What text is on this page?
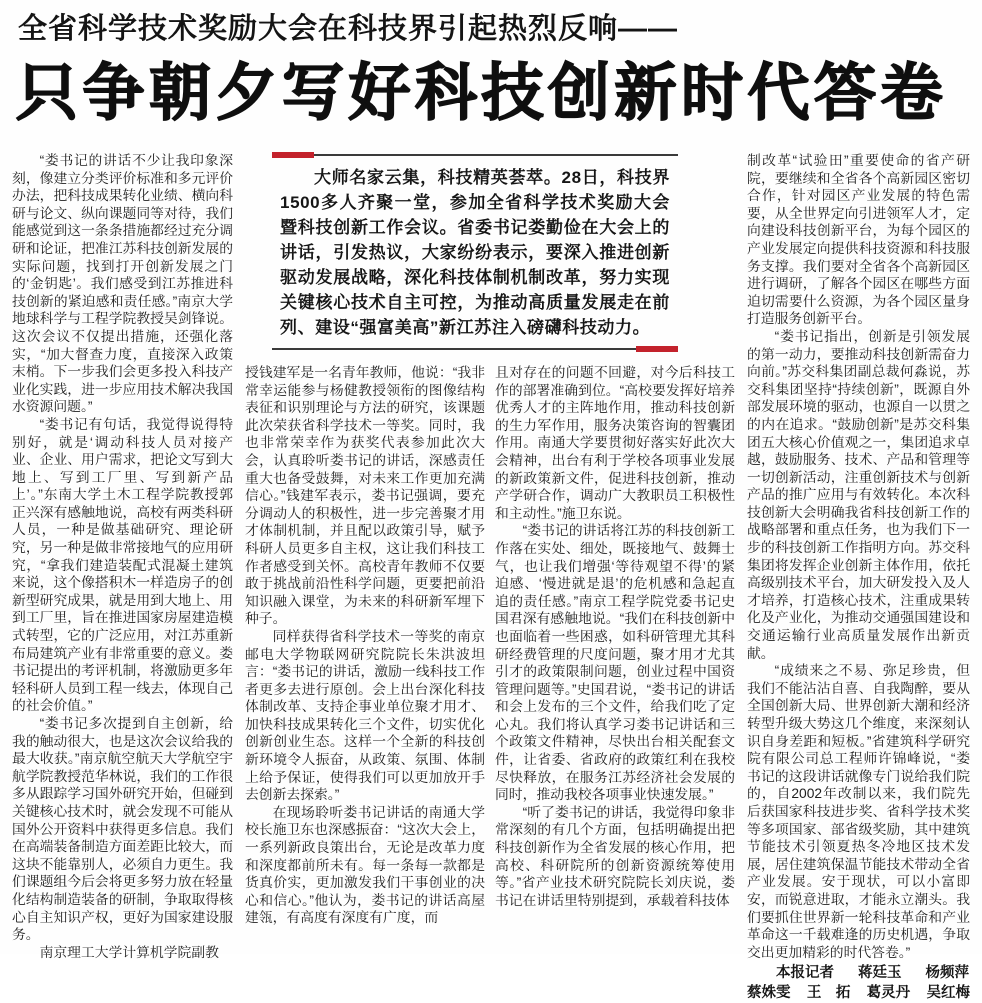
全省科学技术奖励大会在科技界引起热烈反响——
只争朝夕写好科技创新时代答卷

“娄书记的讲话不少让我印象深刻，像建立分类评价标准和多元评价办法，把科技成果转化业绩、横向科研与论文、纵向课题同等对待，我们能感觉到这一条条措施都经过充分调研和论证，把准江苏科技创新发展的实际问题，找到打开创新发展之门的‘金钥匙’。我们感受到江苏推进科技创新的紧迫感和责任感。”南京大学地球科学与工程学院教授吴剑锋说。这次会议不仅提出措施，还强化落实，“加大督查力度，直接深入政策末梢。下一步我们会更多投入科技产业化实践，进一步应用技术解决我国水资源问题。”

“娄书记有句话，我觉得说得特别好，就是‘调动科技人员对接产业、企业、用户需求，把论文写到大地上、写到工厂里、写到新产品上’。”东南大学土木工程学院教授郭正兴深有感触地说，高校有两类科研人员，一种是做基础研究、理论研究，另一种是做非常接地气的应用研究，“拿我们建造装配式混凝土建筑来说，这个像搭积木一样造房子的创新型研究成果，就是用到大地上、用到工厂里，旨在推进国家房屋建造模式转型，它的广泛应用，对江苏重新布局建筑产业有非常重要的意义。娄书记提出的考评机制，将激励更多年轻科研人员到工程一线去，体现自己的社会价值。”

“娄书记多次提到自主创新，给我的触动很大，也是这次会议给我的最大收获。”南京航空航天大学航空宇航学院教授范华林说，我们的工作很多从跟踪学习国外研究开始，但碰到关键核心技术时，就会发现不可能从国外公开资料中获得更多信息。我们在高端装备制造方面差距比较大，而这块不能靠别人，必须自力更生。我们课题组今后会将更多努力放在轻量化结构制造装备的研制，争取取得核心自主知识产权，更好为国家建设服务。

南京理工大学计算机学院副教

大师名家云集，科技精英荟萃。28日，科技界1500多人齐聚一堂，参加全省科学技术奖励大会暨科技创新工作会议。省委书记娄勤俭在大会上的讲话，引发热议，大家纷纷表示，要深入推进创新驱动发展战略，深化科技体制机制改革，努力实现关键核心技术自主可控，为推动高质量发展走在前列、建设“强富美高”新江苏注入磅礴科技动力。

授钱建军是一名青年教师，他说：“我非常幸运能参与杨健教授领衔的图像结构表征和识别理论与方法的研究，该课题此次荣获省科学技术一等奖。同时，我也非常荣幸作为获奖代表参加此次大会，认真聆听娄书记的讲话，深感责任重大也备受鼓舞，对未来工作更加充满信心。”钱建军表示，娄书记强调，要充分调动人的积极性，进一步完善聚才用才体制机制，并且配以政策引导，赋予科研人员更多自主权，这让我们科技工作者感受到关怀。高校青年教师不仅要敢于挑战前沿性科学问题，更要把前沿知识融入课堂，为未来的科研新军埋下种子。

同样获得省科学技术一等奖的南京邮电大学物联网研究院院长朱洪波坦言：“娄书记的讲话，激励一线科技工作者更多去进行原创。会上出台深化科技体制改革、支持企事业单位聚才用才、加快科技成果转化三个文件，切实优化创新创业生态。这样一个全新的科技创新环境令人振奋，从政策、氛围、体制上给予保证，使得我们可以更加放开手去创新去探索。”

在现场聆听娄书记讲话的南通大学校长施卫东也深感振奋：“这次大会上，一系列新政良策出台，无论是改革力度和深度都前所未有。每一条每一款都是货真价实，更加激发我们干事创业的决心和信心。”他认为，娄书记的讲话高屋建瓴，有高度有深度有广度，而

且对存在的问题不回避，对今后科技工作的部署准确到位。“高校要发挥好培养优秀人才的主阵地作用，推动科技创新的生力军作用，服务决策咨询的智囊团作用。南通大学要贯彻好落实好此次大会精神，出台有利于学校各项事业发展的新政策新文件，促进科技创新，推动产学研合作，调动广大教职员工积极性和主动性。”施卫东说。

“娄书记的讲话将江苏的科技创新工作落在实处、细处，既接地气、鼓舞士气，也让我们增强‘等待观望不得’的紧迫感、‘慢进就是退’的危机感和急起直追的责任感。”南京工程学院党委书记史国君深有感触地说。“我们在科技创新中也面临着一些困惑，如科研管理尤其科研经费管理的尺度问题，聚才用才尤其引才的政策限制问题，创业过程中国资管理问题等。”史国君说，“娄书记的讲话和会上发布的三个文件，给我们吃了定心丸。我们将认真学习娄书记讲话和三个政策文件精神，尽快出台相关配套文件，让省委、省政府的政策红利在我校尽快释放，在服务江苏经济社会发展的同时，推动我校各项事业快速发展。”

“听了娄书记的讲话，我觉得印象非常深刻的有几个方面，包括明确提出把科技创新作为全省发展的核心作用，把高校、科研院所的创新资源统筹使用等。”省产业技术研究院院长刘庆说，娄书记在讲话里特别提到，承载着科技体

制改革“试验田”重要使命的省产研院，要继续和全省各个高新园区密切合作，针对园区产业发展的特色需要，从全世界定向引进领军人才，定向建设科技创新平台，为每个园区的产业发展定向提供科技资源和科技服务支撑。我们要对全省各个高新园区进行调研，了解各个园区在哪些方面迫切需要什么资源，为各个园区量身打造服务创新平台。

“娄书记指出，创新是引领发展的第一动力，要推动科技创新需奋力向前。”苏交科集团副总裁何淼说，苏交科集团坚持“持续创新”，既源自外部发展环境的驱动，也源自一以贯之的内在追求。“鼓励创新”是苏交科集团五大核心价值观之一，集团追求卓越，鼓励服务、技术、产品和管理等一切创新活动，注重创新技术与创新产品的推广应用与有效转化。本次科技创新大会明确我省科技创新工作的战略部署和重点任务，也为我们下一步的科技创新工作指明方向。苏交科集团将发挥企业创新主体作用，依托高级别技术平台，加大研发投入及人才培养，打造核心技术，注重成果转化及产业化，为推动交通强国建设和交通运输行业高质量发展作出新贡献。

“成绩来之不易、弥足珍贵，但我们不能沾沾自喜、自我陶醉，要从全国创新大局、世界创新大潮和经济转型升级大势这几个维度，来深刻认识自身差距和短板。”省建筑科学研究院有限公司总工程师许锦峰说，“娄书记的这段讲话就像专门说给我们院的，自2002年改制以来，我们院先后获国家科技进步奖、省科学技术奖等多项国家、部省级奖励，其中建筑节能技术引领夏热冬冷地区技术发展，居住建筑保温节能技术带动全省产业发展。安于现状，可以小富即安，而锐意进取，才能永立潮头。我们要抓住世界新一轮科技革命和产业革命这一千载难逢的历史机遇，争取交出更加精彩的时代答卷。”

本报记者 蒋廷玉 杨频萍
蔡姝雯 王　拓 葛灵丹 吴红梅
